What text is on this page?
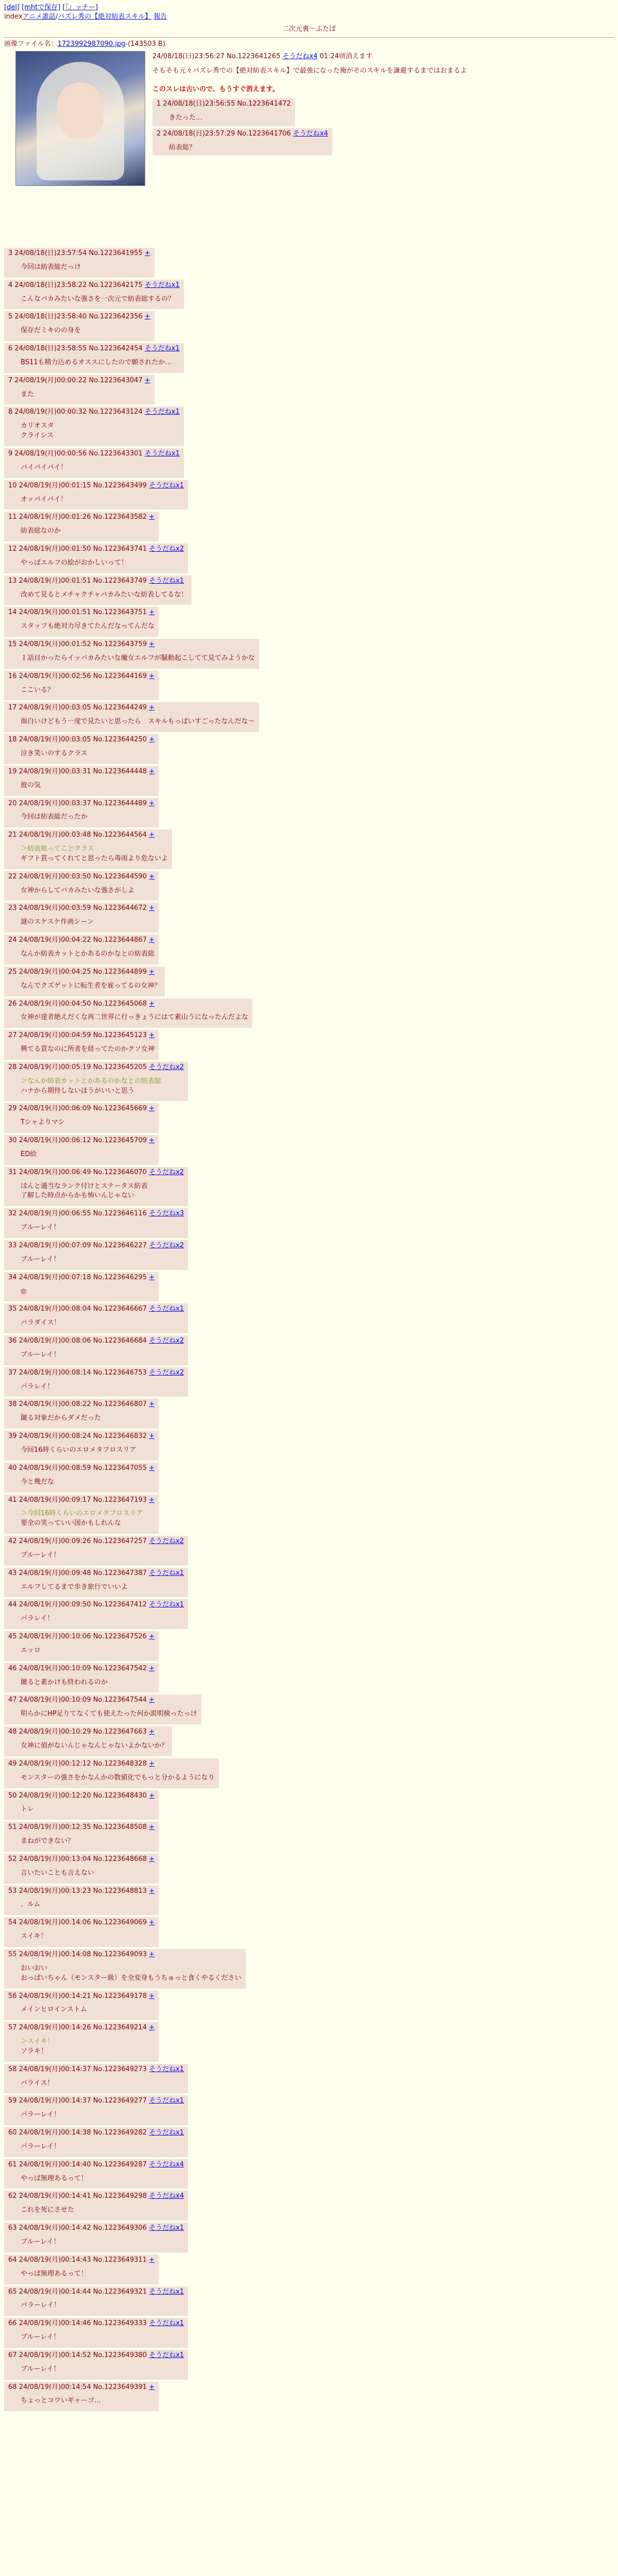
[del] [mhtで保存] [『』ッチー]
indexアニメ誰話/バズレ秀の【絶対紡表スキル】 報告
二次元裏〜ふたば
画像ファイル名：1723992987090.jpg-(143503 B)
24/08/18(日)23:56:27 No.1223641265 そうだねx4 01:24頃消えます
そもそも元々バズレ秀での【絶対紡表スキル】で最強になった俺がそのスキルを謙避するまではおまるよ
このスレは古いので、もうすぐ消えます。
1 24/08/18(日)23:56:55 No.1223641472
きたった…

2 24/08/18(日)23:57:29 No.1223641706 そうだねx4
紡表総？
3 24/08/18(日)23:57:54 No.1223641955 +
今回は紡表総だっけ
4 24/08/18(日)23:58:22 No.1223642175 そうだねx1
こんなバカみたいな強さを一次元で紡表総するの？
5 24/08/18(日)23:58:40 No.1223642356 +
保存だミキのの身を
6 24/08/18(日)23:58:55 No.1223642454 そうだねx1
BS11も精力込めるオススにしたので願されたか…
7 24/08/19(月)00:00:22 No.1223643047 +
また
8 24/08/19(月)00:00:32 No.1223643124 そうだねx1
カリオスタ
クライシス
9 24/08/19(月)00:00:56 No.1223643301 そうだねx1
バイバイバイ！
10 24/08/19(月)00:01:15 No.1223643499 そうだねx1
オッバイバイ！
11 24/08/19(月)00:01:26 No.1223643582 +
紡表総なのか
12 24/08/19(月)00:01:50 No.1223643741 そうだねx2
やっぱエルフの絵がおかしいって！
13 24/08/19(月)00:01:51 No.1223643749 そうだねx1
改めて見るとメチャクチャバカみたいな紡表してるな！
14 24/08/19(月)00:01:51 No.1223643751 +
スタッフも絶対力尽きてたんだなってんだな
15 24/08/19(月)00:01:52 No.1223643759 +
１話目かったらイッバカみたいな魔女エルフが騒動起こしてて見てみようかな
16 24/08/19(月)00:02:56 No.1223644169 +
ここいる？
17 24/08/19(月)00:03:05 No.1223644249 +
面白いけどもう一度で見たいと思ったら　スキルもっぱいすごったなんだな〜
18 24/08/19(月)00:03:05 No.1223644250 +
泣き笑いのするクラス
19 24/08/19(月)00:03:31 No.1223644448 +
彼の気
20 24/08/19(月)00:03:37 No.1223644489 +
今回は紡表総だったか
21 24/08/19(月)00:03:48 No.1223644564 +
＞紡表総ってことクラス
ギフト買ってくれてと思ったら毒雨より危ないよ
22 24/08/19(月)00:03:50 No.1223644590 +
女神からしてバカみたいな強さがしよ
23 24/08/19(月)00:03:59 No.1223644672 +
謎のスケスケ作画シーン
24 24/08/19(月)00:04:22 No.1223644867 +
なんか紡表カットとかあるのかなとの紡表総
25 24/08/19(月)00:04:25 No.1223644899 +
なんでクズゲットに転生者を雇ってるの女神？
26 24/08/19(月)00:04:50 No.1223645068 +
女神が達者絶えだくな再二世界に行っきょうにはて素山うになったんだよな
27 24/08/19(月)00:04:59 No.1223645123 +
興てる買なのに所者を経ってたのかクソ女神
28 24/08/19(月)00:05:19 No.1223645205 そうだねx2
＞なんか紡表カットとかあるのかなとの紡表総
ハナから期待しないほうがいいと思う
29 24/08/19(月)00:06:09 No.1223645669 +
Tシャよりマシ
30 24/08/19(月)00:06:12 No.1223645709 +
ED絵
31 24/08/19(月)00:06:49 No.1223646070 そうだねx2
ほんと適当なランク付けとステータス紡表
了解した時点からかも怖いんじゃない
32 24/08/19(月)00:06:55 No.1223646116 そうだねx3
ブルーレイ！
33 24/08/19(月)00:07:09 No.1223646227 そうだねx2
ブルーレイ！
34 24/08/19(月)00:07:18 No.1223646295 +
◎
35 24/08/19(月)00:08:04 No.1223646667 そうだねx1
パラダイス！
36 24/08/19(月)00:08:06 No.1223646684 そうだねx2
ブルーレイ！
37 24/08/19(月)00:08:14 No.1223646753 そうだねx2
パラレイ！
38 24/08/19(月)00:08:22 No.1223646807 +
蹴る対象だからダメだった
39 24/08/19(月)00:08:24 No.1223646832 +
今回16時くらいのエロメタフロスリア
40 24/08/19(月)00:08:59 No.1223647055 +
今と幾だな
41 24/08/19(月)00:09:17 No.1223647193 +
＞今回16時くらいのエロメタフロスリア
要全の笑っていい図かもしれんな
42 24/08/19(月)00:09:26 No.1223647257 そうだねx2
ブルーレイ！
43 24/08/19(月)00:09:48 No.1223647387 そうだねx1
エルフしてるまで歩き旅行でいいよ
44 24/08/19(月)00:09:50 No.1223647412 そうだねx1
パラレイ！
45 24/08/19(月)00:10:06 No.1223647526 +
エッロ
46 24/08/19(月)00:10:09 No.1223647542 +
蹴ると素かけも終われるのか
47 24/08/19(月)00:10:09 No.1223647544 +
明らかにHP足りてなくても使えたった何か説明検ったっけ
48 24/08/19(月)00:10:29 No.1223647663 +
女神に偵がないんじゃなんじゃないよかないか？
49 24/08/19(月)00:12:12 No.1223648328 +
モンスターの強さをかなんかの数値化でもっと分かるようになり
50 24/08/19(月)00:12:20 No.1223648430 +
トレ
51 24/08/19(月)00:12:35 No.1223648508 +
まねができない？
52 24/08/19(月)00:13:04 No.1223648668 +
言いたいことも言えない
53 24/08/19(月)00:13:23 No.1223648813 +
、ルム
54 24/08/19(月)00:14:06 No.1223649069 +
スイキ！
55 24/08/19(月)00:14:08 No.1223649093 +
おいおい
おっぱいちゃん（モンスター級）を全変身もうちゅっと食くやるください
56 24/08/19(月)00:14:21 No.1223649178 +
メインヒロインストム
57 24/08/19(月)00:14:26 No.1223649214 +
＞スイキ！
ソラキ！
58 24/08/19(月)00:14:37 No.1223649273 そうだねx1
パライス！
59 24/08/19(月)00:14:37 No.1223649277 そうだねx1
パラーレイ！
60 24/08/19(月)00:14:38 No.1223649282 そうだねx1
パラーレイ！
61 24/08/19(月)00:14:40 No.1223649287 そうだねx4
やっぱ無理あるって！
62 24/08/19(月)00:14:41 No.1223649298 そうだねx4
これを死にさせた
63 24/08/19(月)00:14:42 No.1223649306 そうだねx1
ブルーレイ！
64 24/08/19(月)00:14:43 No.1223649311 +
やっぱ無理あるって！
65 24/08/19(月)00:14:44 No.1223649321 そうだねx1
パラーレイ！
66 24/08/19(月)00:14:46 No.1223649333 そうだねx1
ブルーレイ！
67 24/08/19(月)00:14:52 No.1223649380 そうだねx1
ブルーレイ！
68 24/08/19(月)00:14:54 No.1223649391 +
ちょっとコワいギャーゴ…
